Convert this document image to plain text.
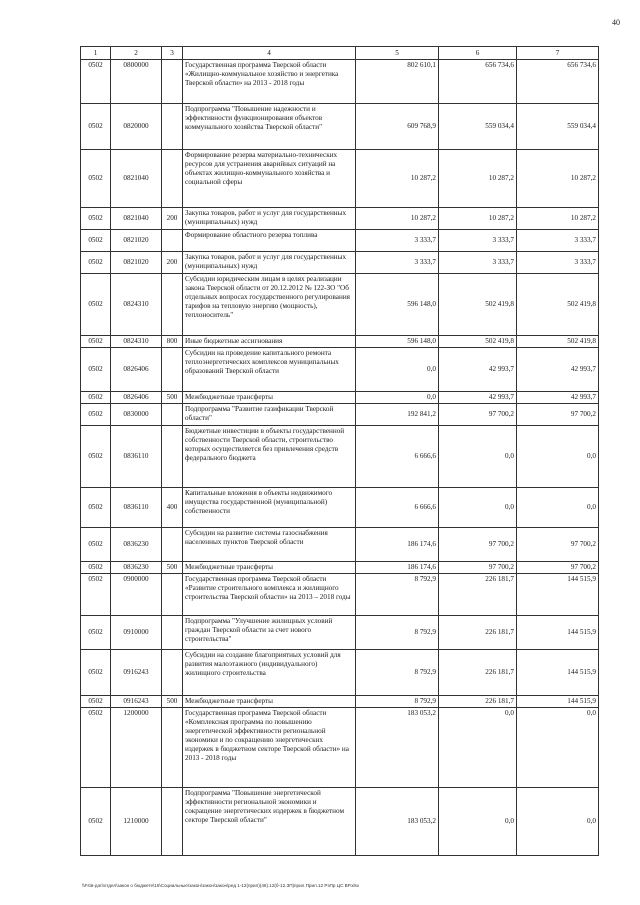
40
1	2	3	4	5	6	7
0502	0800000		Государственная программа Тверской области «Жилищно-коммунальное хозяйство и энергетика Тверской области» на 2013 - 2018 годы	802 610,1	656 734,6	656 734,6
0502	0820000		Подпрограмма "Повышение надежности и эффективности функционирования объектов коммунального хозяйства Тверской области"	609 768,9	559 034,4	559 034,4
0502	0821040		Формирование резерва материально-технических ресурсов для устранения аварийных ситуаций на объектах жилищно-коммунального хозяйства и социальной сферы	10 287,2	10 287,2	10 287,2
0502	0821040	200	Закупка товаров, работ и услуг для государственных (муниципальных) нужд	10 287,2	10 287,2	10 287,2
0502	0821020		Формирование областного резерва топлива	3 333,7	3 333,7	3 333,7
0502	0821020	200	Закупка товаров, работ и услуг для государственных (муниципальных) нужд	3 333,7	3 333,7	3 333,7
0502	0824310		Субсидии юридическим лицам в целях реализации закона Тверской области от 20.12.2012 № 122-ЗО "Об отдельных вопросах государственного регулирования тарифов на тепловую энергию (мощность), теплоноситель"	596 148,0	502 419,8	502 419,8
0502	0824310	800	Иные бюджетные ассигнования	596 148,0	502 419,8	502 419,8
0502	0826406		Субсидии на проведение капитального ремонта теплоэнергетических комплексов муниципальных образований Тверской области	0,0	42 993,7	42 993,7
0502	0826406	500	Межбюджетные трансферты	0,0	42 993,7	42 993,7
0502	0830000		Подпрограмма "Развитие газификации Тверской области"	192 841,2	97 700,2	97 700,2
0502	0836110		Бюджетные инвестиции в объекты государственной собственности Тверской области, строительство которых осуществляется без привлечения средств федерального бюджета	6 666,6	0,0	0,0
0502	0836110	400	Капитальные вложения в объекты недвижимого имущества государственной (муниципальной) собственности	6 666,6	0,0	0,0
0502	0836230		Субсидии на развитие системы газоснабжения населенных пунктов Тверской области	186 174,6	97 700,2	97 700,2
0502	0836230	500	Межбюджетные трансферты	186 174,6	97 700,2	97 700,2
0502	0900000		Государственная программа Тверской области «Развитие строительного комплекса и жилищного строительства Тверской области» на 2013 – 2018 годы	8 792,9	226 181,7	144 515,9
0502	0910000		Подпрограмма "Улучшение жилищных условий граждан Тверской области за счет нового строительства"	8 792,9	226 181,7	144 515,9
0502	0916243		Субсидии на создание благоприятных условий для развития малоэтажного (индивидуального) жилищного строительства	8 792,9	226 181,7	144 515,9
0502	0916243	500	Межбюджетные трансферты	8 792,9	226 181,7	144 515,9
0502	1200000		Государственная программа Тверской области «Комплексная программа по повышению энергетической эффективности региональной экономики и по сокращению энергетических издержек в бюджетном секторе Тверской области» на 2013 - 2018 годы	183 053,2	0,0	0,0
0502	1210000		Подпрограмма "Повышение энергетической эффективности региональной экономики и сокращение энергетических издержек в бюджетном секторе Тверской области"	183 053,2	0,0	0,0
\\Fs\в-доп\отдел\закон о бюджете\15\Социальные\закон\закон\закон\ред 1-12(прил)(46).12(б-12.ЗП)прил.Прил.12 РзПр ЦС ВР.xlsx
